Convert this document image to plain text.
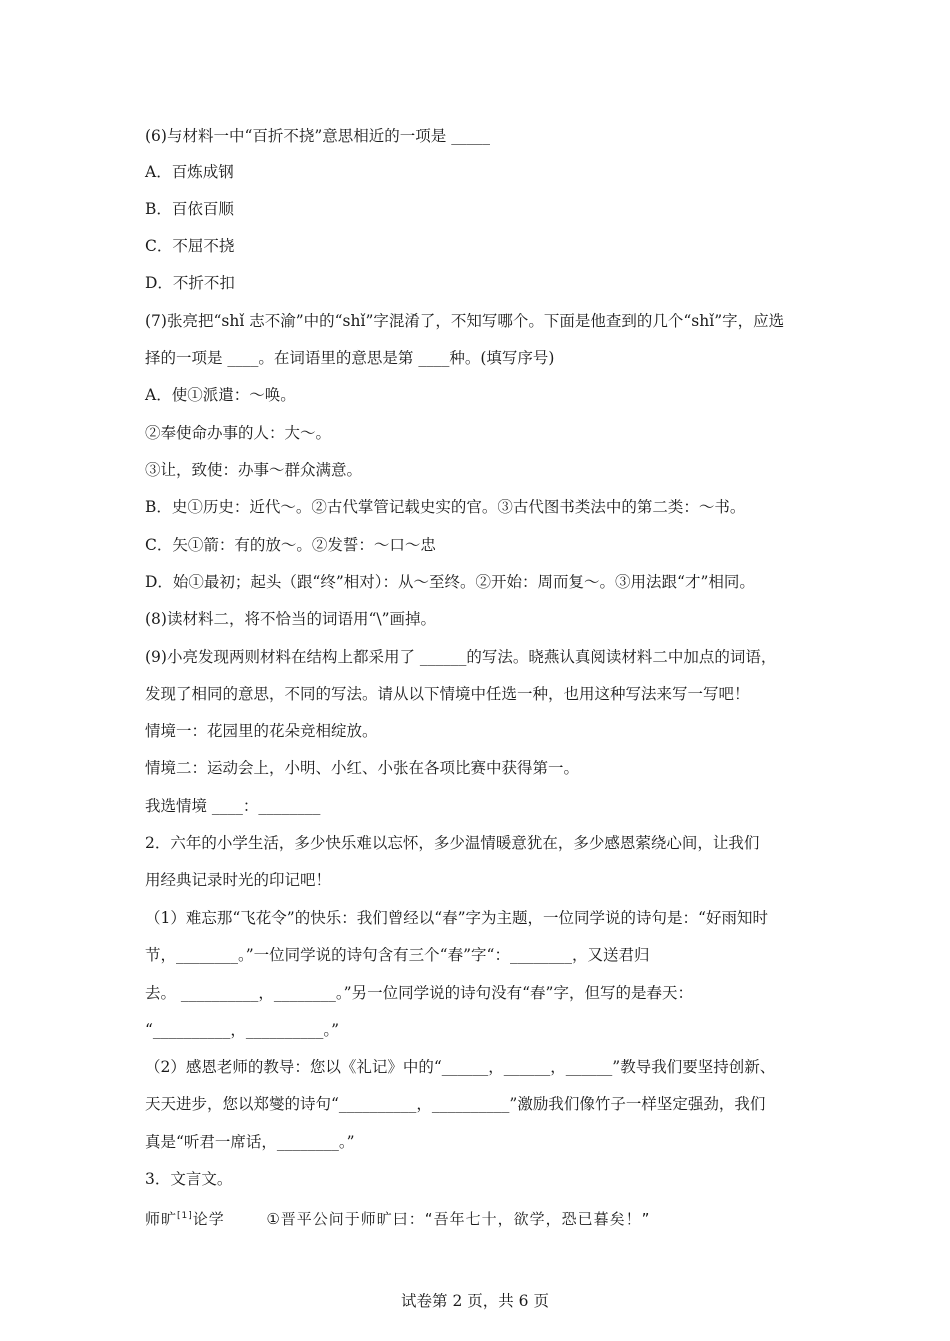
(6)与材料一中“百折不挠”意思相近的一项是 _____
A．百炼成钢
B．百依百顺
C．不屈不挠
D．不折不扣
(7)张亮把“shǐ 志不渝”中的“shǐ”字混淆了，不知写哪个。下面是他查到的几个“shǐ”字，应选
择的一项是 ____。在词语里的意思是第 ____种。(填写序号)
A．使①派遣：～唤。
②奉使命办事的人：大～。
③让，致使：办事～群众满意。
B．史①历史：近代～。②古代掌管记载史实的官。③古代图书类法中的第二类：～书。
C．矢①箭：有的放～。②发誓：～口～忠
D．始①最初；起头（跟“终”相对）：从～至终。②开始：周而复～。③用法跟“才”相同。
(8)读材料二，将不恰当的词语用“\”画掉。
(9)小亮发现两则材料在结构上都采用了 ______的写法。晓燕认真阅读材料二中加点的词语，
发现了相同的意思，不同的写法。请从以下情境中任选一种，也用这种写法来写一写吧！
情境一：花园里的花朵竞相绽放。
情境二：运动会上，小明、小红、小张在各项比赛中获得第一。
我选情境 ____：________
2．六年的小学生活，多少快乐难以忘怀，多少温情暖意犹在，多少感恩萦绕心间，让我们
用经典记录时光的印记吧！
（1）难忘那“飞花令”的快乐：我们曾经以“春”字为主题，一位同学说的诗句是：“好雨知时
节，________。”一位同学说的诗句含有三个“春”字“：________，又送君归
去。 __________，________。”另一位同学说的诗句没有“春”字，但写的是春天：
“__________，__________。”
（2）感恩老师的教导：您以《礼记》中的“______，______，______”教导我们要坚持创新、
天天进步，您以郑燮的诗句“__________，__________”激励我们像竹子一样坚定强劲，我们
真是“听君一席话，________。”
3．文言文。
师旷[1]论学	①晋平公问于师旷曰：“吾年七十，欲学，恐已暮矣！”
试卷第 2 页，共 6 页
